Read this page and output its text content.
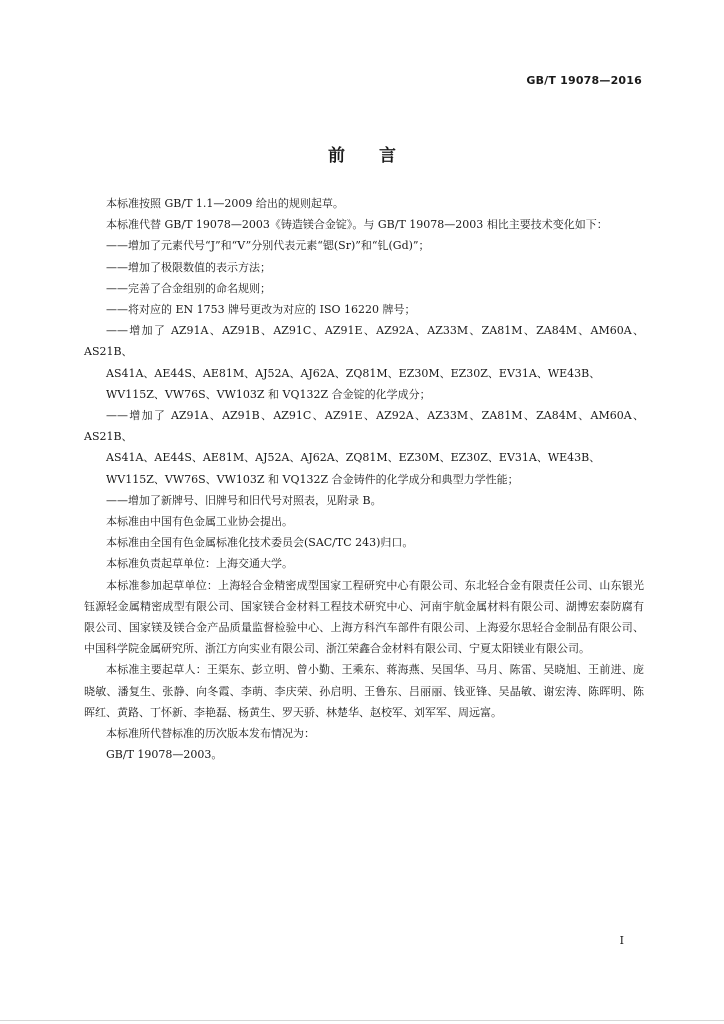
GB/T 19078—2016
前言

本标准按照 GB/T 1.1—2009 给出的规则起草。

本标准代替 GB/T 19078—2003《铸造镁合金锭》。与 GB/T 19078—2003 相比主要技术变化如下：

——增加了元素代号“J”和“V”分别代表元素“锶(Sr)”和“钆(Gd)”；

——增加了极限数值的表示方法；

——完善了合金组别的命名规则；

——将对应的 EN 1753 牌号更改为对应的 ISO 16220 牌号；

——增加了 AZ91A、AZ91B、AZ91C、AZ91E、AZ92A、AZ33M、ZA81M、ZA84M、AM60A、AS21B、

AS41A、AE44S、AE81M、AJ52A、AJ62A、ZQ81M、EZ30M、EZ30Z、EV31A、WE43B、

WV115Z、VW76S、VW103Z 和 VQ132Z 合金锭的化学成分；

——增加了 AZ91A、AZ91B、AZ91C、AZ91E、AZ92A、AZ33M、ZA81M、ZA84M、AM60A、AS21B、

AS41A、AE44S、AE81M、AJ52A、AJ62A、ZQ81M、EZ30M、EZ30Z、EV31A、WE43B、

WV115Z、VW76S、VW103Z 和 VQ132Z 合金铸件的化学成分和典型力学性能；

——增加了新牌号、旧牌号和旧代号对照表，见附录 B。

本标准由中国有色金属工业协会提出。

本标准由全国有色金属标准化技术委员会(SAC/TC 243)归口。

本标准负责起草单位：上海交通大学。

本标准参加起草单位：上海轻合金精密成型国家工程研究中心有限公司、东北轻合金有限责任公司、山东银光钰源轻金属精密成型有限公司、国家镁合金材料工程技术研究中心、河南宇航金属材料有限公司、湖博宏泰防腐有限公司、国家镁及镁合金产品质量监督检验中心、上海方科汽车部件有限公司、上海爱尔思轻合金制品有限公司、中国科学院金属研究所、浙江方向实业有限公司、浙江荣鑫合金材料有限公司、宁夏太阳镁业有限公司。

本标准主要起草人：王渠东、彭立明、曾小勤、王乘东、蒋海燕、吴国华、马月、陈雷、吴晓旭、王前进、庞晓敏、潘复生、张静、向冬霞、李萌、李庆荣、孙启明、王鲁东、吕丽丽、钱亚锋、吴晶敏、谢宏涛、陈晖明、陈晖红、黄路、丁怀新、李艳磊、杨黄生、罗天骄、林楚华、赵校军、刘军军、周远富。

本标准所代替标准的历次版本发布情况为：

GB/T 19078—2003。

I
